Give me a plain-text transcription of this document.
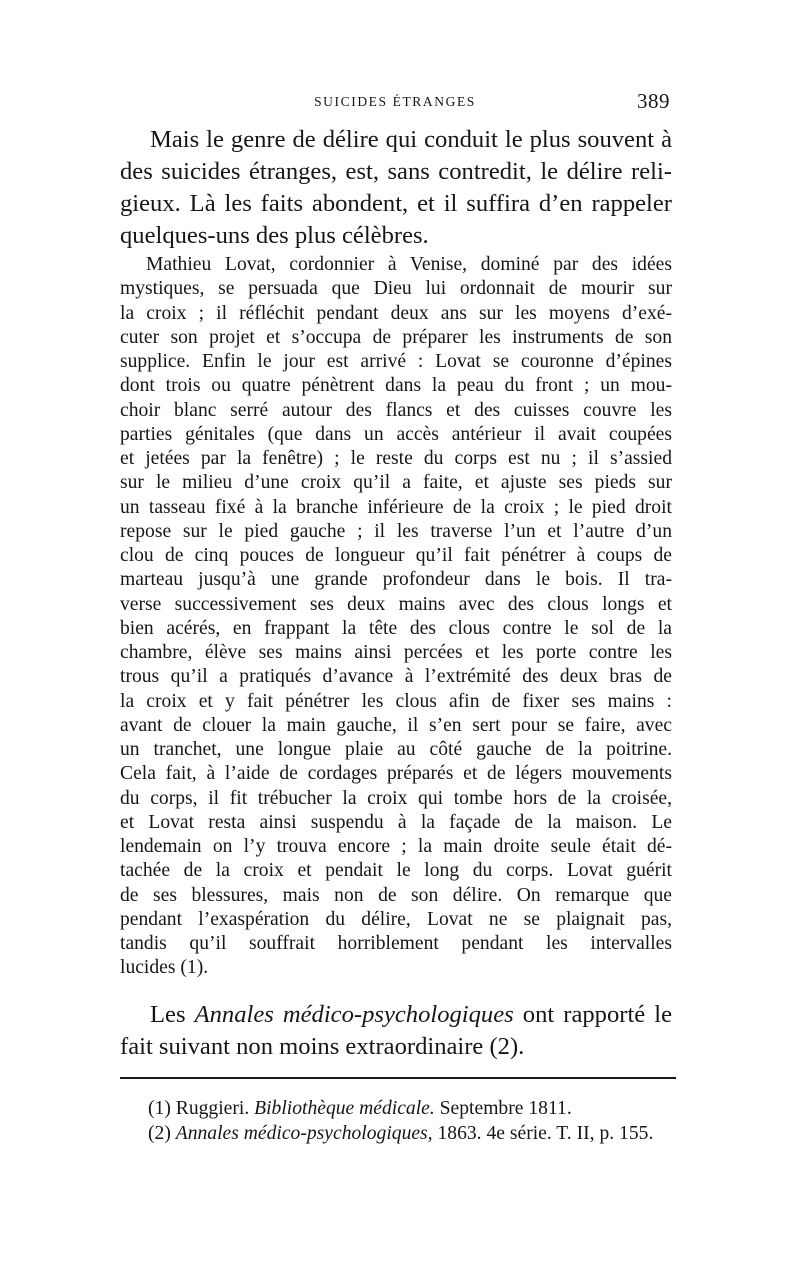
SUICIDES ÉTRANGES	389
Mais le genre de délire qui conduit le plus souvent à
des suicides étranges, est, sans contredit, le délire reli-
gieux. Là les faits abondent, et il suffira d’en rappeler
quelques-uns des plus célèbres.
Mathieu Lovat, cordonnier à Venise, dominé par des idées
mystiques, se persuada que Dieu lui ordonnait de mourir sur
la croix ; il réfléchit pendant deux ans sur les moyens d’exé-
cuter son projet et s’occupa de préparer les instruments de son
supplice. Enfin le jour est arrivé : Lovat se couronne d’épines
dont trois ou quatre pénètrent dans la peau du front ; un mou-
choir blanc serré autour des flancs et des cuisses couvre les
parties génitales (que dans un accès antérieur il avait coupées
et jetées par la fenêtre) ; le reste du corps est nu ; il s’assied
sur le milieu d’une croix qu’il a faite, et ajuste ses pieds sur
un tasseau fixé à la branche inférieure de la croix ; le pied droit
repose sur le pied gauche ; il les traverse l’un et l’autre d’un
clou de cinq pouces de longueur qu’il fait pénétrer à coups de
marteau jusqu’à une grande profondeur dans le bois. Il tra-
verse successivement ses deux mains avec des clous longs et
bien acérés, en frappant la tête des clous contre le sol de la
chambre, élève ses mains ainsi percées et les porte contre les
trous qu’il a pratiqués d’avance à l’extrémité des deux bras de
la croix et y fait pénétrer les clous afin de fixer ses mains :
avant de clouer la main gauche, il s’en sert pour se faire, avec
un tranchet, une longue plaie au côté gauche de la poitrine.
Cela fait, à l’aide de cordages préparés et de légers mouvements
du corps, il fit trébucher la croix qui tombe hors de la croisée,
et Lovat resta ainsi suspendu à la façade de la maison. Le
lendemain on l’y trouva encore ; la main droite seule était dé-
tachée de la croix et pendait le long du corps. Lovat guérit
de ses blessures, mais non de son délire. On remarque que
pendant l’exaspération du délire, Lovat ne se plaignait pas,
tandis qu’il souffrait horriblement pendant les intervalles
lucides (1).
Les Annales médico-psychologiques ont rapporté le
fait suivant non moins extraordinaire (2).
(1) Ruggieri. Bibliothèque médicale. Septembre 1811.
(2) Annales médico-psychologiques, 1863. 4e série. T. II, p. 155.
